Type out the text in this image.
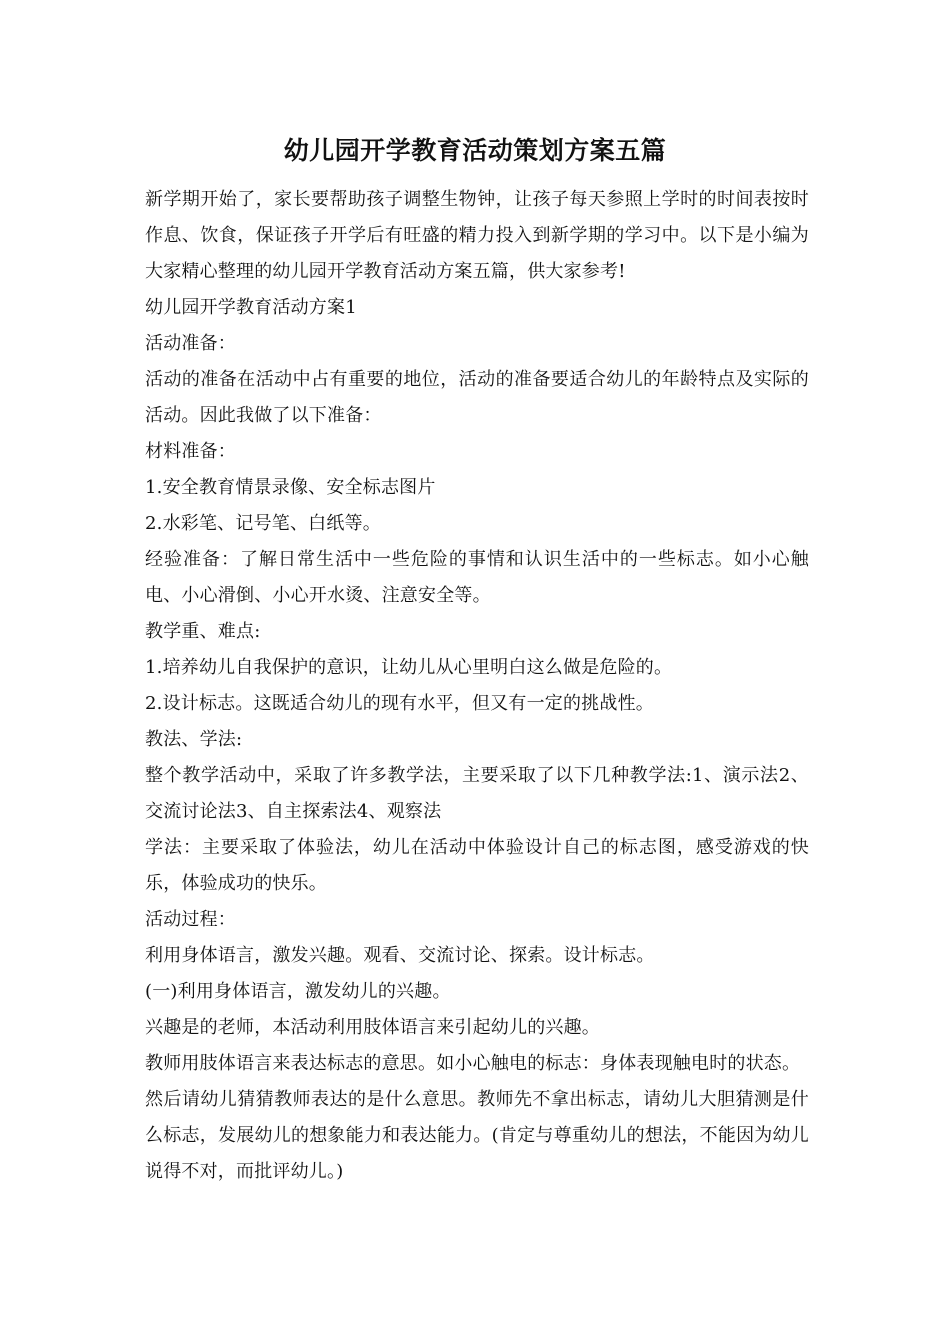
幼儿园开学教育活动策划方案五篇

新学期开始了，家长要帮助孩子调整生物钟，让孩子每天参照上学时的时间表按时作息、饮食，保证孩子开学后有旺盛的精力投入到新学期的学习中。以下是小编为大家精心整理的幼儿园开学教育活动方案五篇，供大家参考!

幼儿园开学教育活动方案1

活动准备：

活动的准备在活动中占有重要的地位，活动的准备要适合幼儿的年龄特点及实际的活动。因此我做了以下准备：

材料准备：

1.安全教育情景录像、安全标志图片

2.水彩笔、记号笔、白纸等。

经验准备：了解日常生活中一些危险的事情和认识生活中的一些标志。如小心触电、小心滑倒、小心开水烫、注意安全等。

教学重、难点:

1.培养幼儿自我保护的意识，让幼儿从心里明白这么做是危险的。

2.设计标志。这既适合幼儿的现有水平，但又有一定的挑战性。

教法、学法:

整个教学活动中，采取了许多教学法，主要采取了以下几种教学法:1、演示法2、交流讨论法3、自主探索法4、观察法

学法：主要采取了体验法，幼儿在活动中体验设计自己的标志图，感受游戏的快乐，体验成功的快乐。

活动过程：

利用身体语言，激发兴趣。观看、交流讨论、探索。设计标志。

(一)利用身体语言，激发幼儿的兴趣。

兴趣是的老师，本活动利用肢体语言来引起幼儿的兴趣。

教师用肢体语言来表达标志的意思。如小心触电的标志：身体表现触电时的状态。

然后请幼儿猜猜教师表达的是什么意思。教师先不拿出标志，请幼儿大胆猜测是什么标志，发展幼儿的想象能力和表达能力。(肯定与尊重幼儿的想法，不能因为幼儿说得不对，而批评幼儿。)
